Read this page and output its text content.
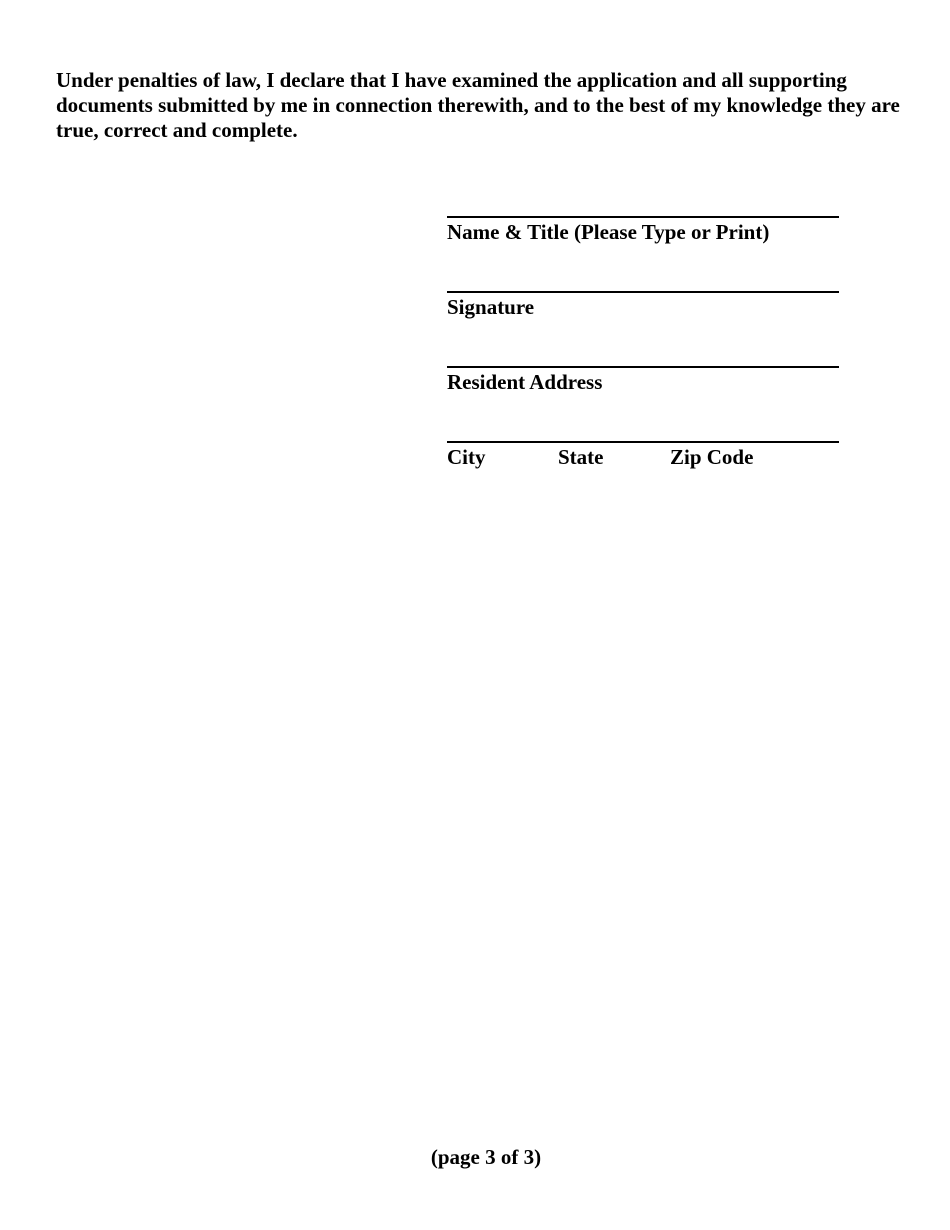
Under penalties of law, I declare that I have examined the application and all supporting documents submitted by me in connection therewith, and to the best of my knowledge they are true, correct and complete.

Name & Title (Please Type or Print)
Signature
Resident Address
City	State	Zip Code
(page 3 of 3)
